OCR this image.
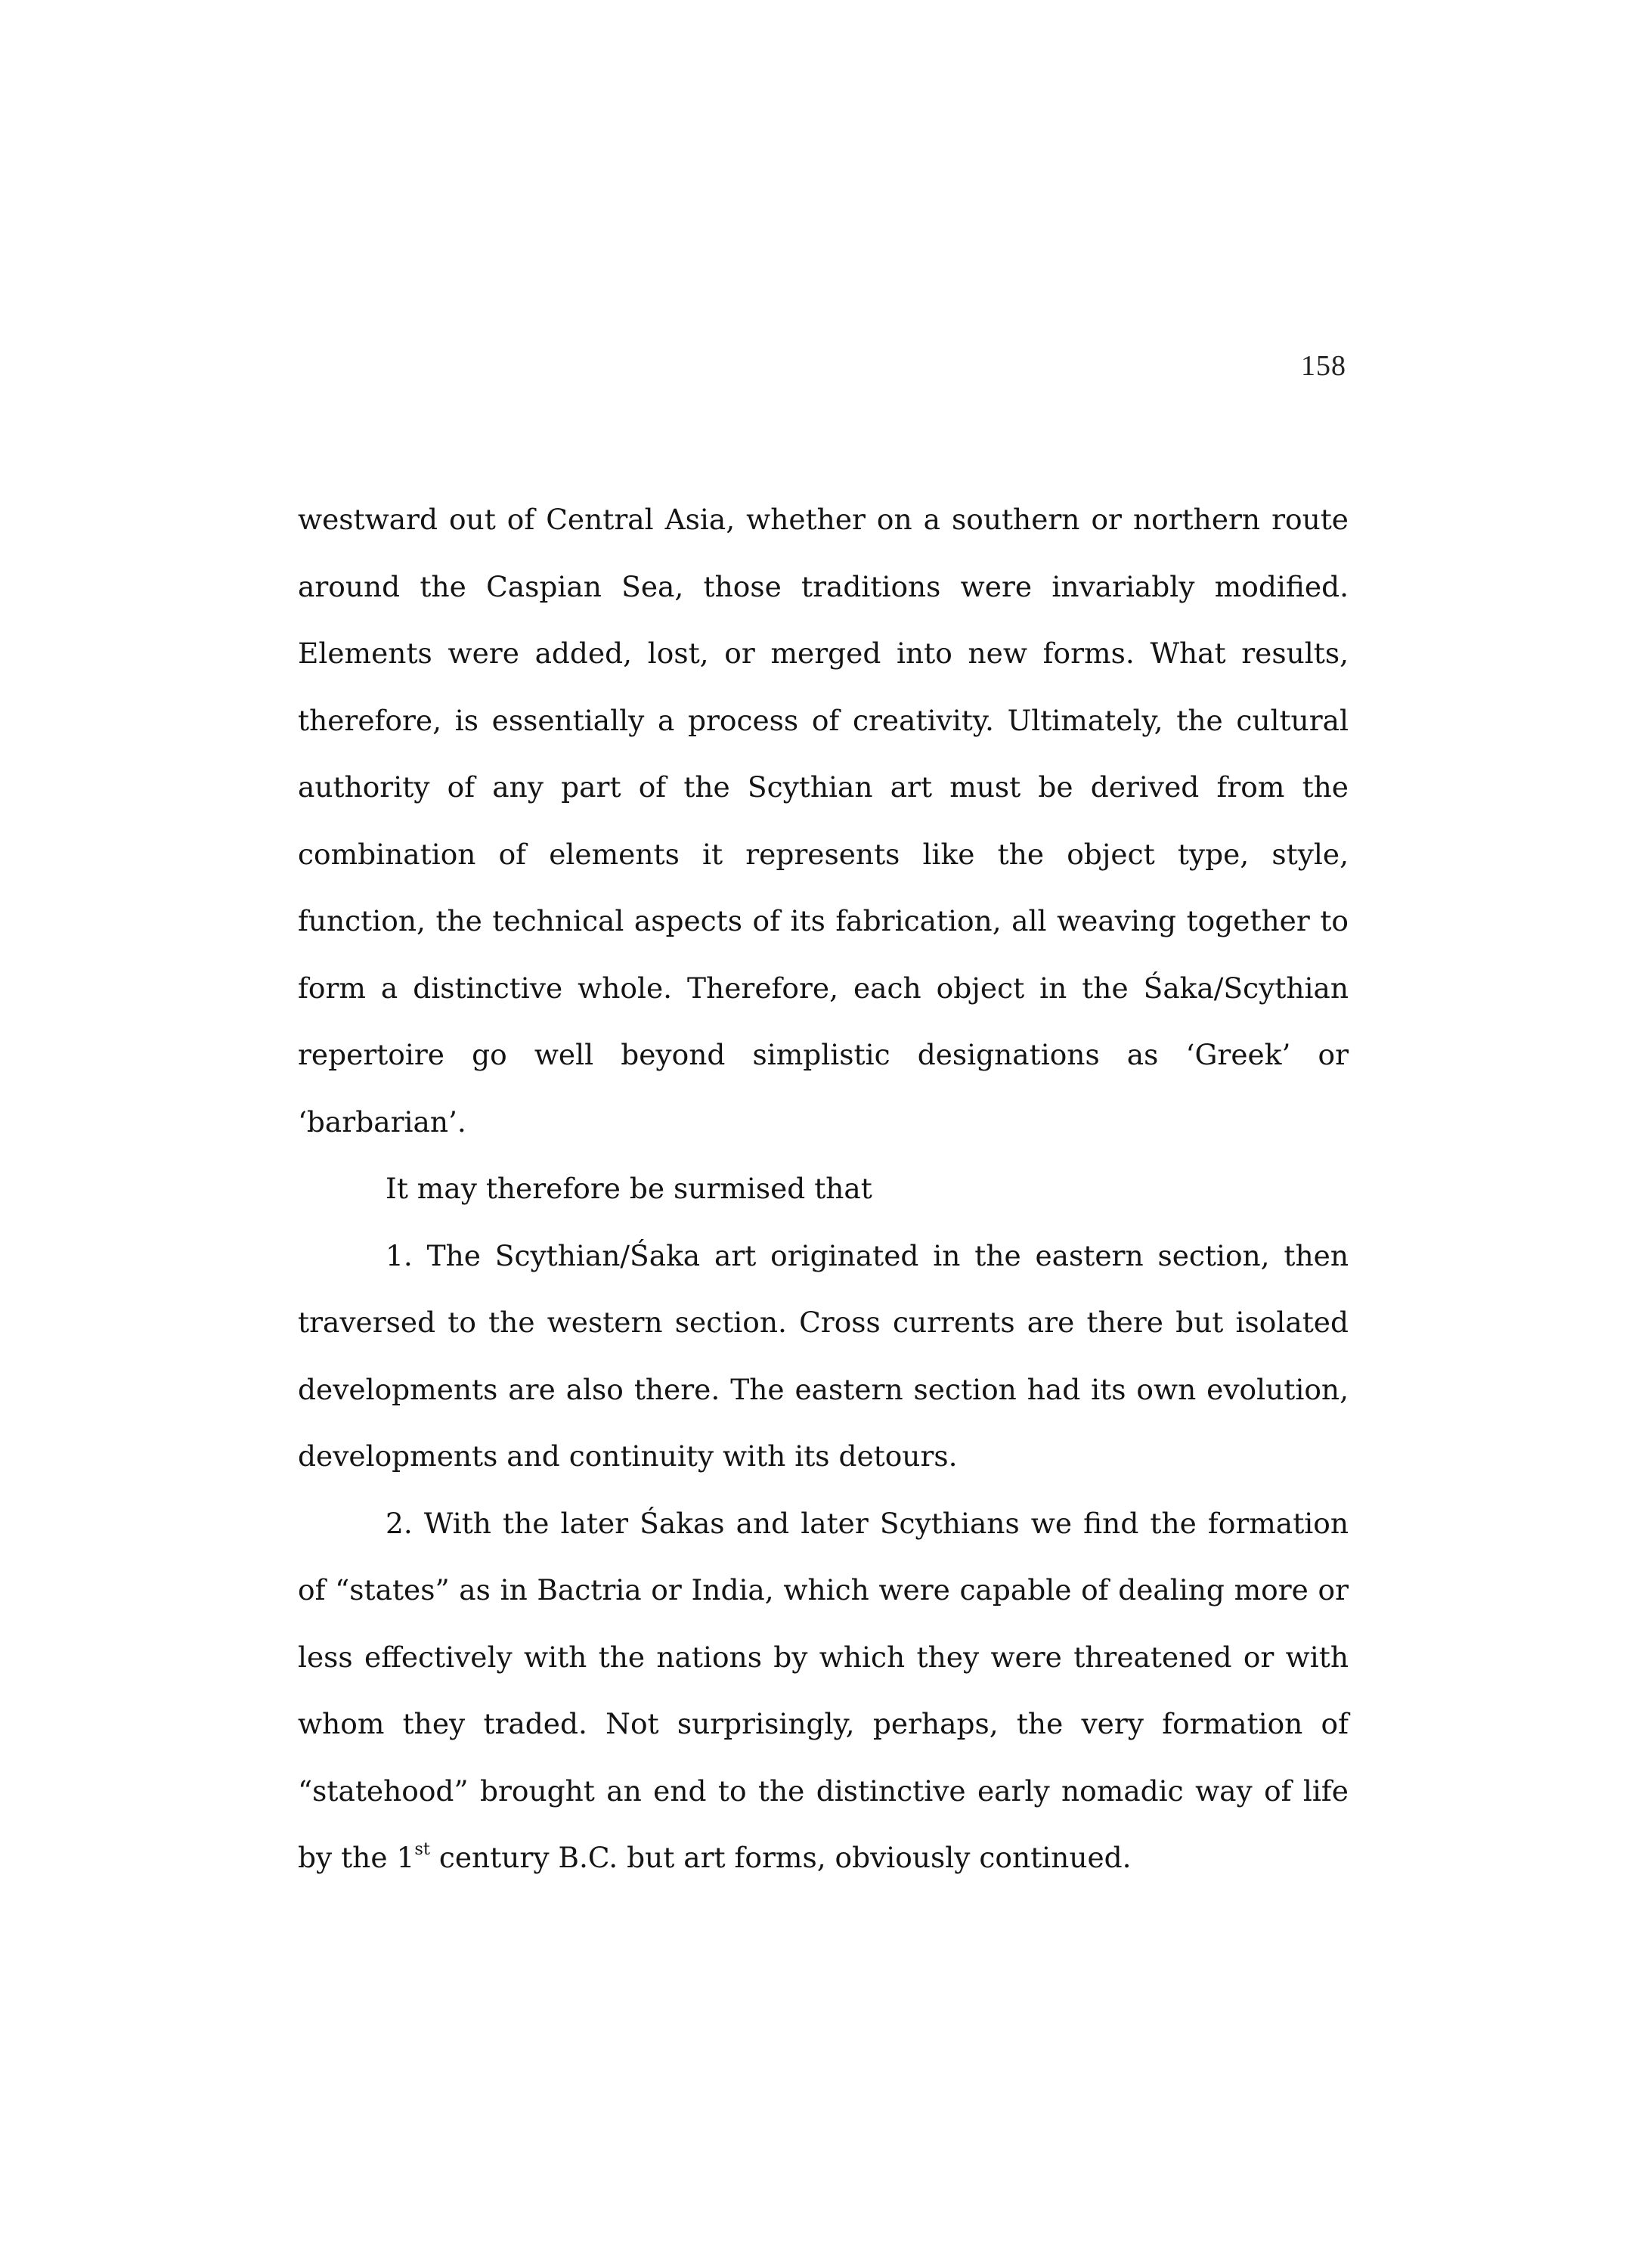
158

westward out of Central Asia, whether on a southern or northern route around the Caspian Sea, those traditions were invariably modified. Elements were added, lost, or merged into new forms. What results, therefore, is essentially a process of creativity. Ultimately, the cultural authority of any part of the Scythian art must be derived from the combination of elements it represents like the object type, style, function, the technical aspects of its fabrication, all weaving together to form a distinctive whole. Therefore, each object in the Śaka/Scythian repertoire go well beyond simplistic designations as ‘Greek’ or ‘barbarian’.

It may therefore be surmised that

1. The Scythian/Śaka art originated in the eastern section, then traversed to the western section. Cross currents are there but isolated developments are also there. The eastern section had its own evolution, developments and continuity with its detours.

2. With the later Śakas and later Scythians we find the formation of “states” as in Bactria or India, which were capable of dealing more or less effectively with the nations by which they were threatened or with whom they traded. Not surprisingly, perhaps, the very formation of “statehood” brought an end to the distinctive early nomadic way of life by the 1st century B.C. but art forms, obviously continued.
